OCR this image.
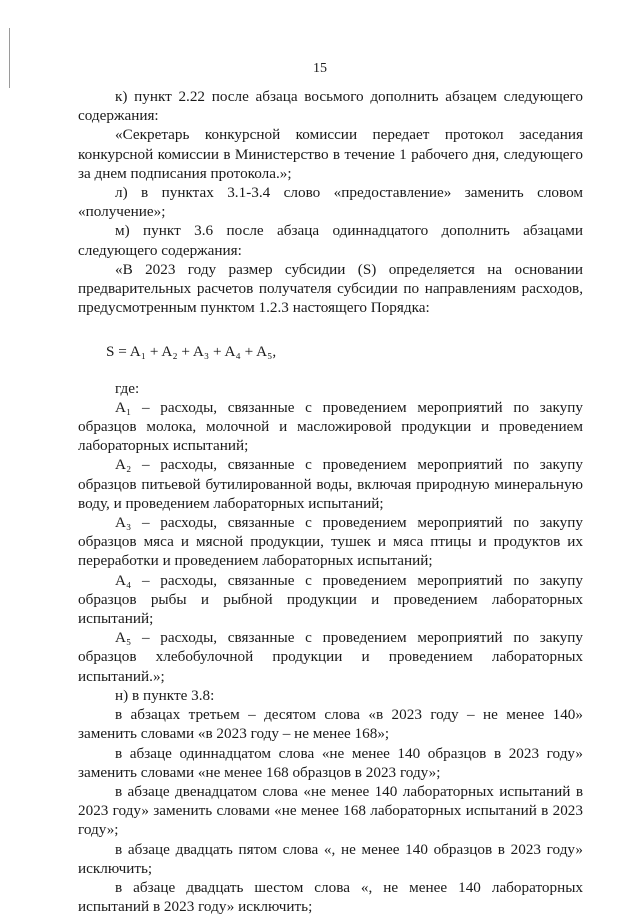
15

к) пункт 2.22 после абзаца восьмого дополнить абзацем следующего содержания:

«Секретарь конкурсной комиссии передает протокол заседания конкурсной комиссии в Министерство в течение 1 рабочего дня, следующего за днем подписания протокола.»;

л) в пунктах 3.1-3.4 слово «предоставление» заменить словом «получение»;

м) пункт 3.6 после абзаца одиннадцатого дополнить абзацами следующего содержания:

«В 2023 году размер субсидии (S) определяется на основании предварительных расчетов получателя субсидии по направлениям расходов, предусмотренным пунктом 1.2.3 настоящего Порядка:

S = A₁ + A₂ + A₃ + A₄ + A₅,

где:

A₁ – расходы, связанные с проведением мероприятий по закупу образцов молока, молочной и масложировой продукции и проведением лабораторных испытаний;

A₂ – расходы, связанные с проведением мероприятий по закупу образцов питьевой бутилированной воды, включая природную минеральную воду, и проведением лабораторных испытаний;

A₃ – расходы, связанные с проведением мероприятий по закупу образцов мяса и мясной продукции, тушек и мяса птицы и продуктов их переработки и проведением лабораторных испытаний;

A₄ – расходы, связанные с проведением мероприятий по закупу образцов рыбы и рыбной продукции и проведением лабораторных испытаний;

A₅ – расходы, связанные с проведением мероприятий по закупу образцов хлебобулочной продукции и проведением лабораторных испытаний.»;

н) в пункте 3.8:

в абзацах третьем – десятом слова «в 2023 году – не менее 140» заменить словами «в 2023 году – не менее 168»;

в абзаце одиннадцатом слова «не менее 140 образцов в 2023 году» заменить словами «не менее 168 образцов в 2023 году»;

в абзаце двенадцатом слова «не менее 140 лабораторных испытаний в 2023 году» заменить словами «не менее 168 лабораторных испытаний в 2023 году»;

в абзаце двадцать пятом слова «, не менее 140 образцов в 2023 году» исключить;

в абзаце двадцать шестом слова «, не менее 140 лабораторных испытаний в 2023 году» исключить;
